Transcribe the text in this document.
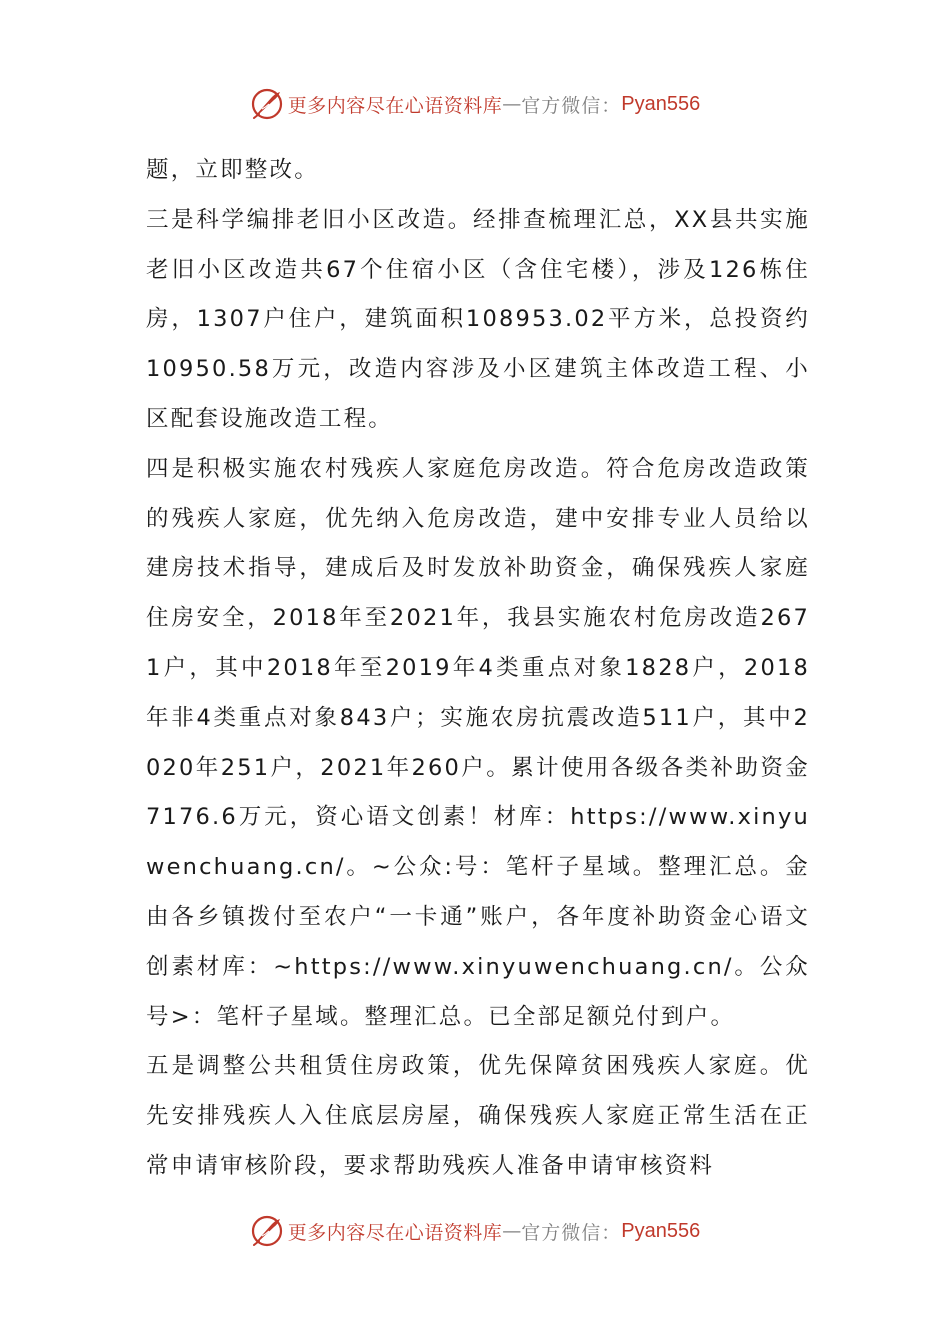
更多内容尽在心语资料库 — 官方微信： Pyan556

题，立即整改。

三是科学编排老旧小区改造。经排查梳理汇总，XX县共实施老旧小区改造共67个住宿小区（含住宅楼），涉及126栋住房，1307户住户，建筑面积108953.02平方米，总投资约10950.58万元，改造内容涉及小区建筑主体改造工程、小区配套设施改造工程。

四是积极实施农村残疾人家庭危房改造。符合危房改造政策的残疾人家庭，优先纳入危房改造，建中安排专业人员给以建房技术指导，建成后及时发放补助资金，确保残疾人家庭住房安全，2018年至2021年，我县实施农村危房改造2671户，其中2018年至2019年4类重点对象1828户，2018年非4类重点对象843户；实施农房抗震改造511户，其中2020年251户，2021年260户。累计使用各级各类补助资金7176.6万元，资心语文创素！材库：https://www.xinyuwenchuang.cn/。~公众:号：笔杆子星域。整理汇总。金由各乡镇拨付至农户“一卡通”账户，各年度补助资金心语文创素材库：~https://www.xinyuwenchuang.cn/。公众号>：笔杆子星域。整理汇总。已全部足额兑付到户。

五是调整公共租赁住房政策，优先保障贫困残疾人家庭。优先安排残疾人入住底层房屋，确保残疾人家庭正常生活在正常申请审核阶段，要求帮助残疾人准备申请审核资料

更多内容尽在心语资料库 — 官方微信： Pyan556
